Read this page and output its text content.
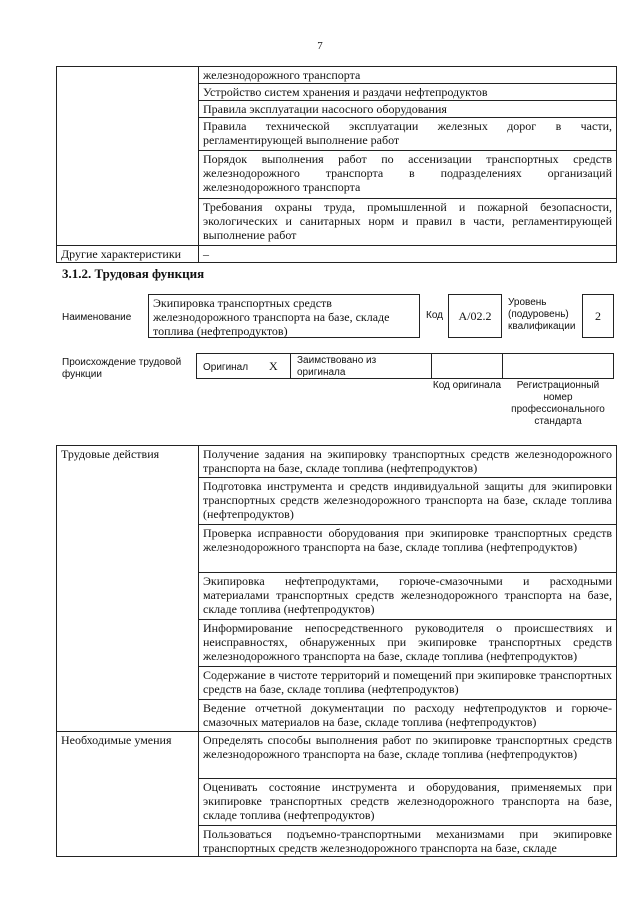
7
	железнодорожного транспорта
	Устройство систем хранения и раздачи нефтепродуктов
	Правила эксплуатации насосного оборудования
	Правила технической эксплуатации железных дорог в части, регламентирующей выполнение работ
	Порядок выполнения работ по ассенизации транспортных средств железнодорожного транспорта в подразделениях организаций железнодорожного транспорта
	Требования охраны труда, промышленной и пожарной безопасности, экологических и санитарных норм и правил в части, регламентирующей выполнение работ
Другие характеристики	–
3.1.2. Трудовая функция
Наименование
Экипировка транспортных средств железнодорожного транспорта на базе, складе топлива (нефтепродуктов)
Код A/02.2
Уровень (подуровень) квалификации
2
Происхождение трудовой функции
Оригинал X Заимствовано из оригинала
Код оригинала	Регистрационный номер профессионального стандарта
Трудовые действия	Получение задания на экипировку транспортных средств железнодорожного транспорта на базе, складе топлива (нефтепродуктов)
	Подготовка инструмента и средств индивидуальной защиты для экипировки транспортных средств железнодорожного транспорта на базе, складе топлива (нефтепродуктов)
	Проверка исправности оборудования при экипировке транспортных средств железнодорожного транспорта на базе, складе топлива (нефтепродуктов)
	Экипировка нефтепродуктами, горюче-смазочными и расходными материалами транспортных средств железнодорожного транспорта на базе, складе топлива (нефтепродуктов)
	Информирование непосредственного руководителя о происшествиях и неисправностях, обнаруженных при экипировке транспортных средств железнодорожного транспорта на базе, складе топлива (нефтепродуктов)
	Содержание в чистоте территорий и помещений при экипировке транспортных средств на базе, складе топлива (нефтепродуктов)
	Ведение отчетной документации по расходу нефтепродуктов и горюче-смазочных материалов на базе, складе топлива (нефтепродуктов)
Необходимые умения	Определять способы выполнения работ по экипировке транспортных средств железнодорожного транспорта на базе, складе топлива (нефтепродуктов)
	Оценивать состояние инструмента и оборудования, применяемых при экипировке транспортных средств железнодорожного транспорта на базе, складе топлива (нефтепродуктов)
	Пользоваться подъемно-транспортными механизмами при экипировке транспортных средств железнодорожного транспорта на базе, складе
